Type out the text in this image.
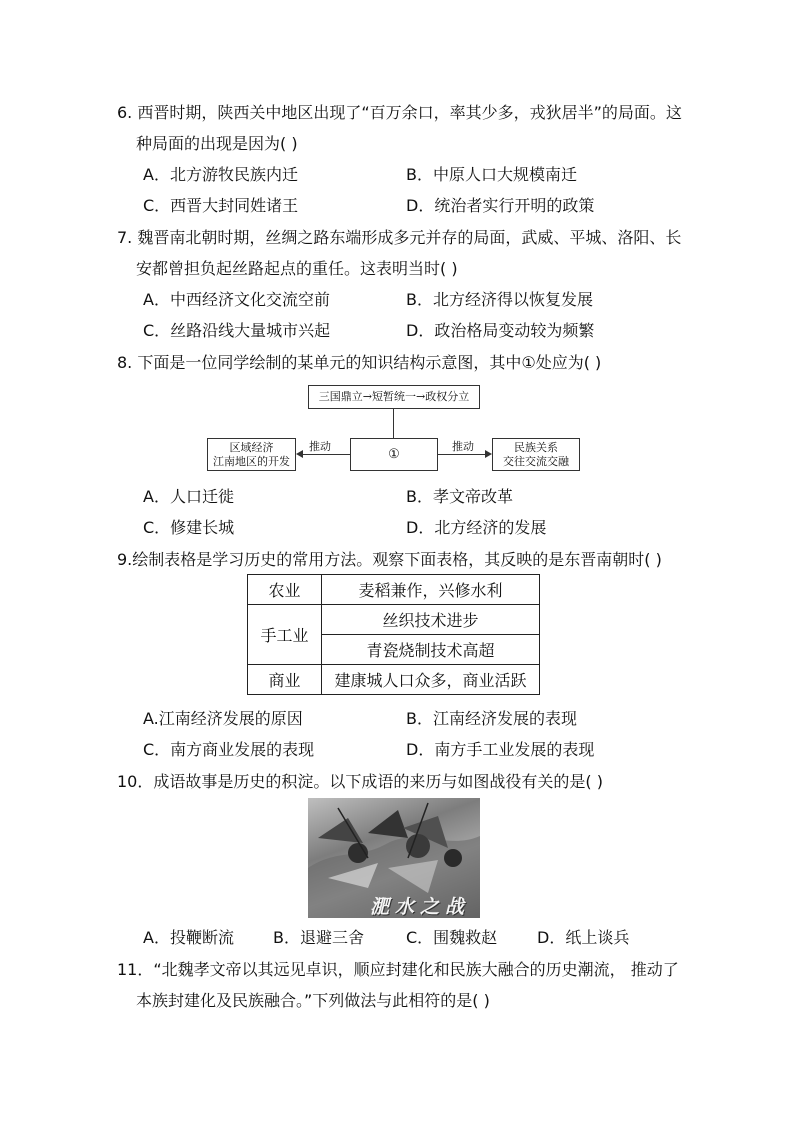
6. 西晋时期，陕西关中地区出现了“百万余口，率其少多，戎狄居半”的局面。这
种局面的出现是因为( )
A．北方游牧民族内迁	B．中原人口大规模南迁
C．西晋大封同姓诸王	D．统治者实行开明的政策
7. 魏晋南北朝时期，丝绸之路东端形成多元并存的局面，武威、平城、洛阳、长
安都曾担负起丝路起点的重任。这表明当时( )
A．中西经济文化交流空前	B．北方经济得以恢复发展
C．丝路沿线大量城市兴起	D．政治格局变动较为频繁
8. 下面是一位同学绘制的某单元的知识结构示意图，其中①处应为( )
三国鼎立→短暂统一→政权分立
区域经济
江南地区的开发	①	民族关系
交往交流交融
推动	推动
A．人口迁徙	B．孝文帝改革
C．修建长城	D．北方经济的发展
9.绘制表格是学习历史的常用方法。观察下面表格，其反映的是东晋南朝时( )
农业	麦稻兼作，兴修水利
手工业	丝织技术进步
	青瓷烧制技术高超
商业	建康城人口众多，商业活跃
A.江南经济发展的原因	B．江南经济发展的表现
C．南方商业发展的表现	D．南方手工业发展的表现
10．成语故事是历史的积淀。以下成语的来历与如图战役有关的是( )
淝水之战
A．投鞭断流 B．退避三舍	C．围魏救赵 D．纸上谈兵
11．“北魏孝文帝以其远见卓识，顺应封建化和民族大融合的历史潮流， 推动了
本族封建化及民族融合。”下列做法与此相符的是( )
